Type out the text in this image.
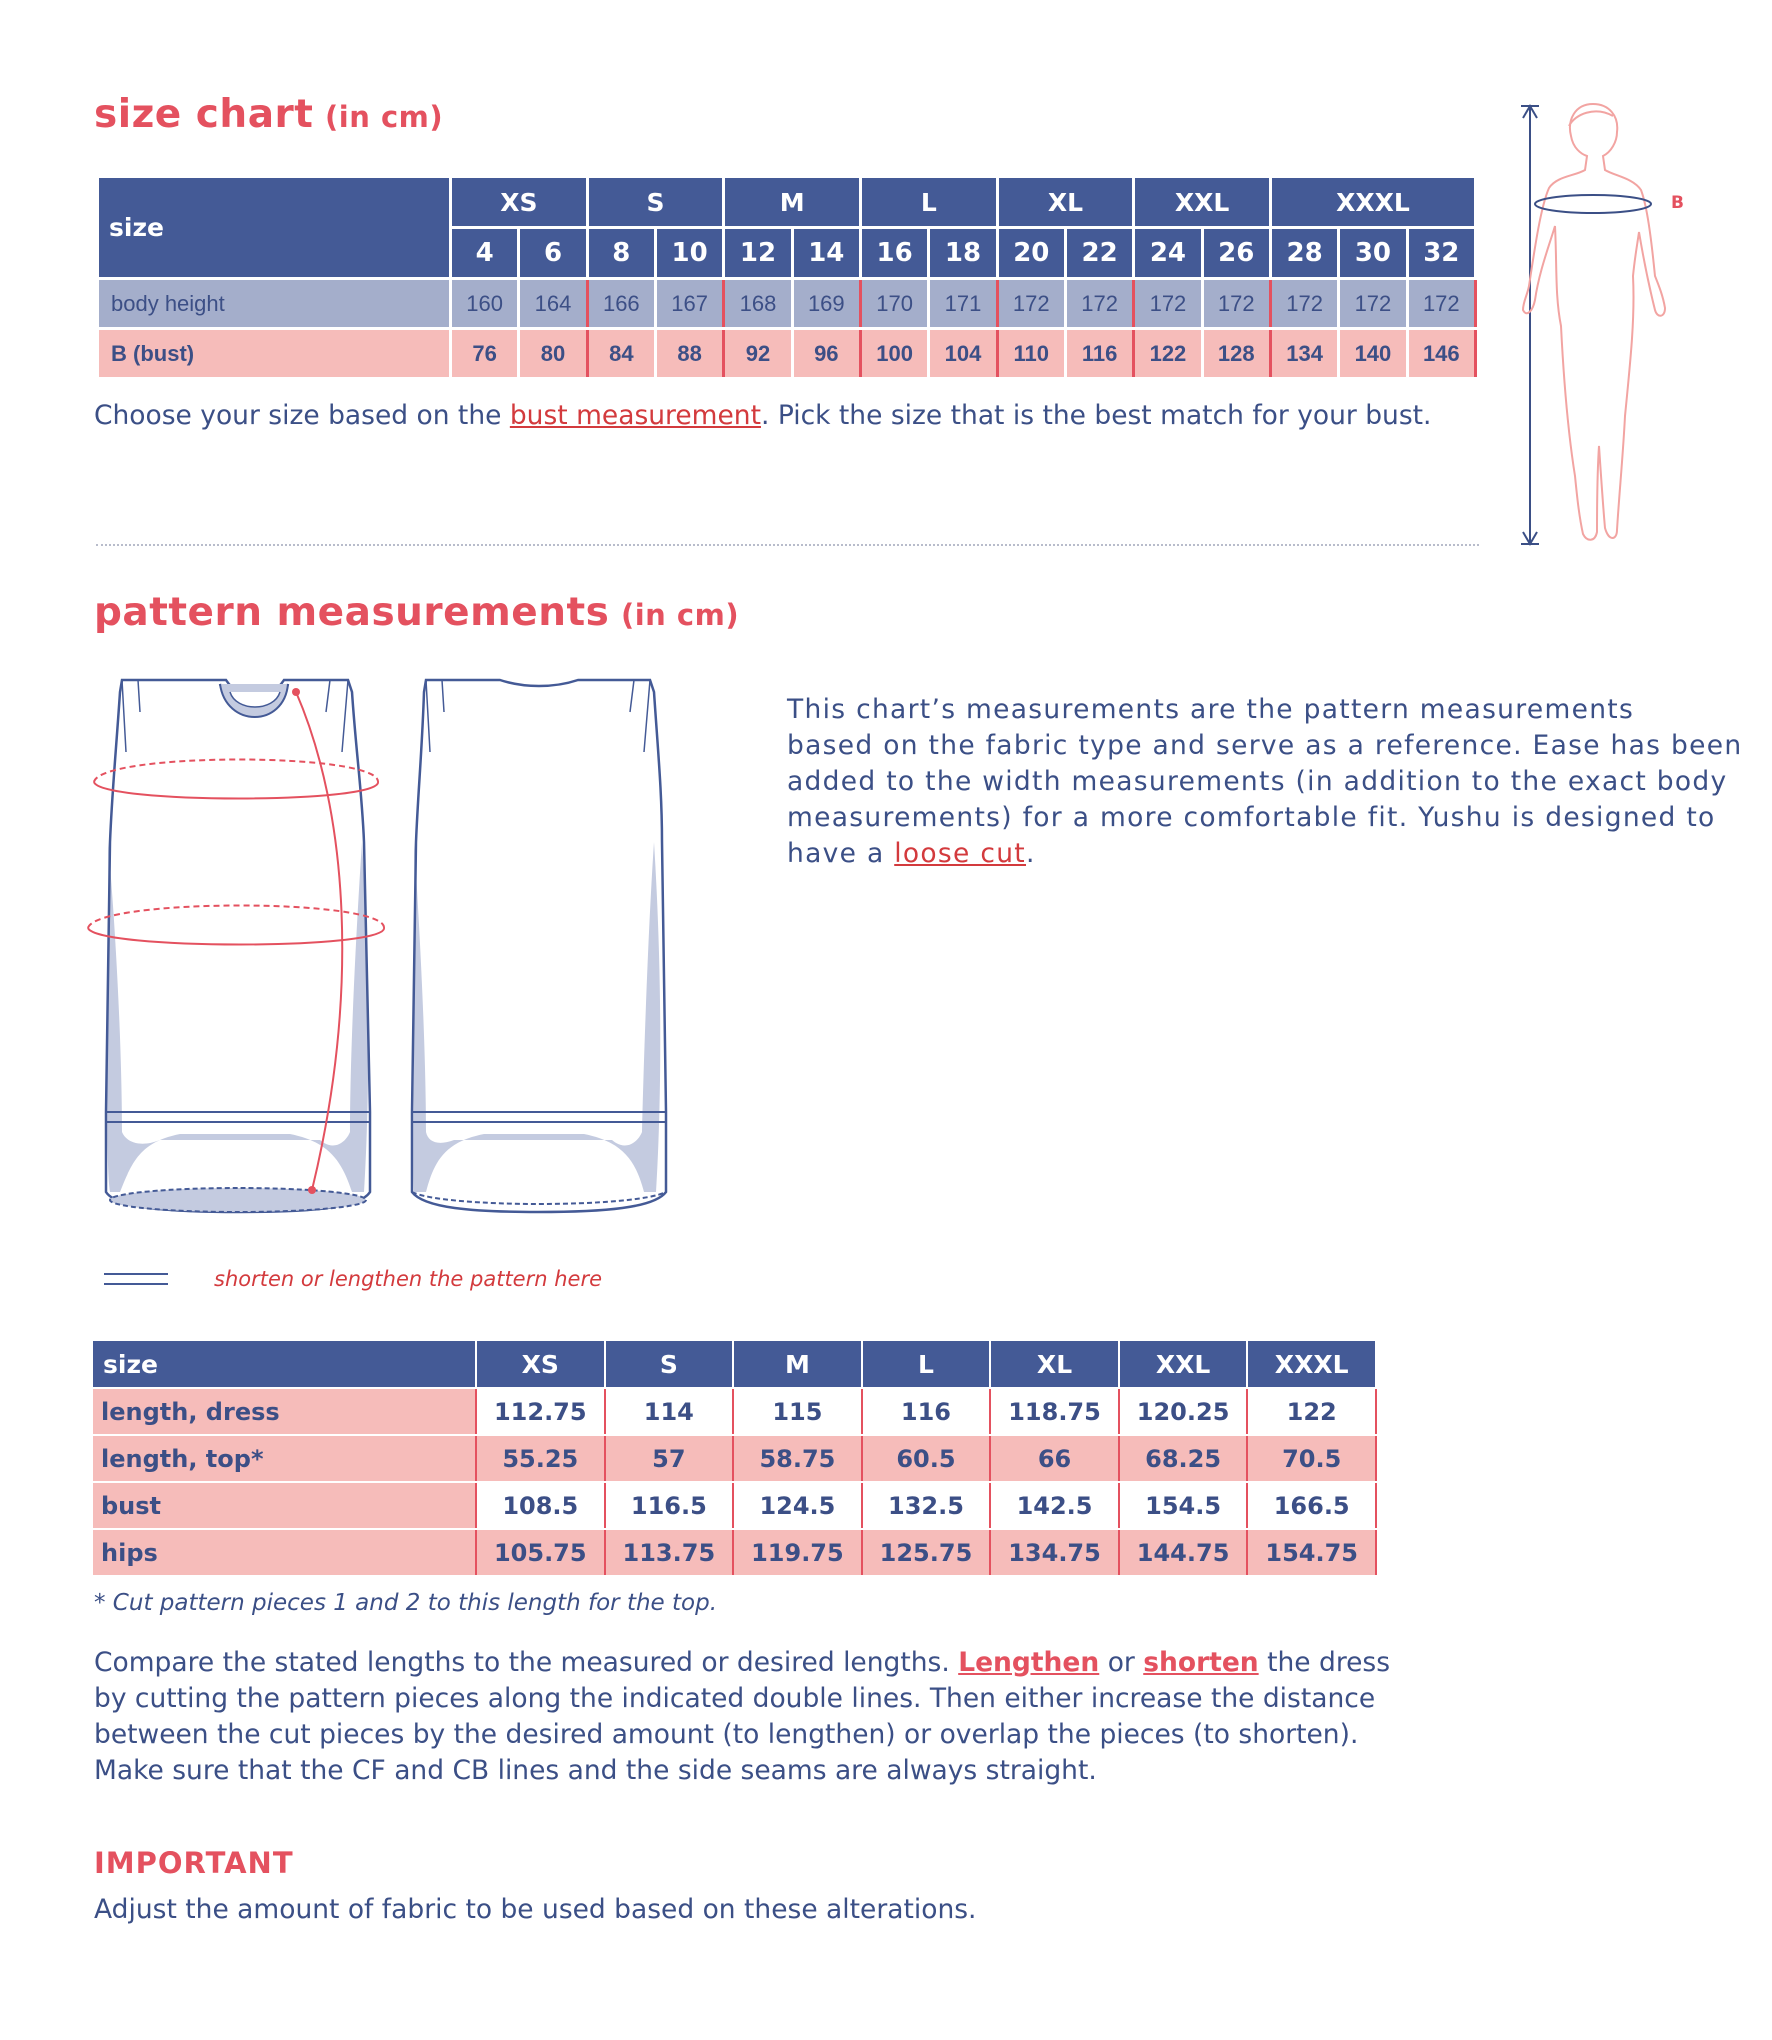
size chart (in cm)
size	XS		S		M		L		XL		XXL		XXXL		
	4	6	8	10	12	14	16	18	20	22	24	26	28	30	32
body height	160	164	166	167	168	169	170	171	172	172	172	172	172	172	172
B (bust)	76	80	84	88	92	96	100	104	110	116	122	128	134	140	146

Choose your size based on the bust measurement. Pick the size that is the best match for your bust.

B
pattern measurements (in cm)

shorten or lengthen the pattern here

This chart’s measurements are the pattern measurements
based on the fabric type and serve as a reference. Ease has been
added to the width measurements (in addition to the exact body
measurements) for a more comfortable fit. Yushu is designed to
have a loose cut.
size	XS	S	M	L	XL	XXL	XXXL
length, dress	112.75	114	115	116	118.75	120.25	122
length, top*	55.25	57	58.75	60.5	66	68.25	70.5
bust	108.5	116.5	124.5	132.5	142.5	154.5	166.5
hips	105.75	113.75	119.75	125.75	134.75	144.75	154.75

* Cut pattern pieces 1 and 2 to this length for the top.

Compare the stated lengths to the measured or desired lengths. Lengthen or shorten the dress
by cutting the pattern pieces along the indicated double lines. Then either increase the distance
between the cut pieces by the desired amount (to lengthen) or overlap the pieces (to shorten).
Make sure that the CF and CB lines and the side seams are always straight.
IMPORTANT

Adjust the amount of fabric to be used based on these alterations.
